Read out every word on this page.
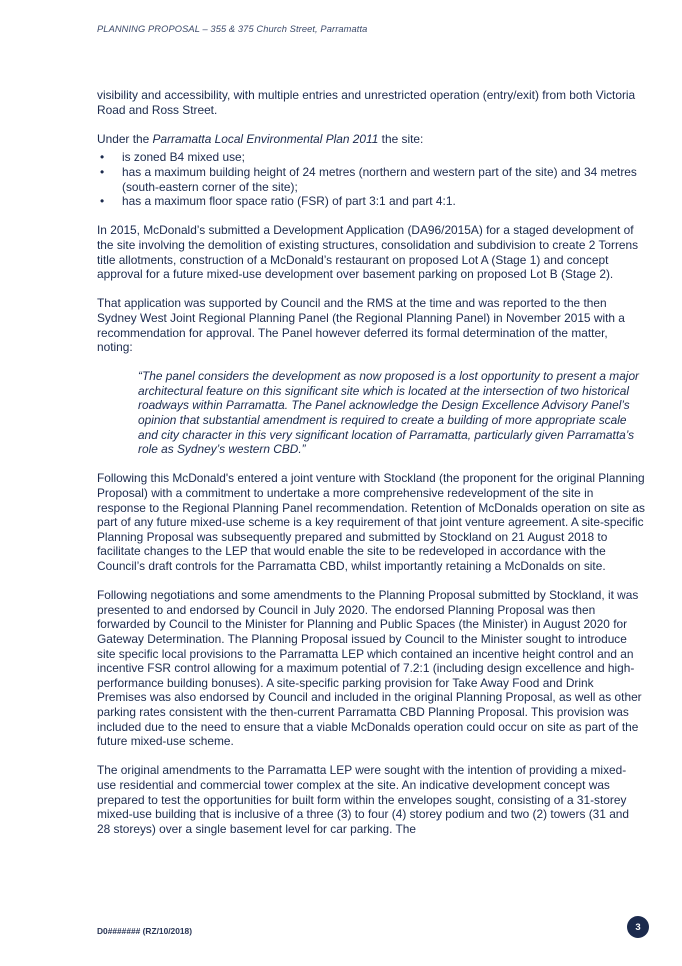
PLANNING PROPOSAL – 355 & 375 Church Street, Parramatta

visibility and accessibility, with multiple entries and unrestricted operation (entry/exit) from both Victoria Road and Ross Street.

Under the Parramatta Local Environmental Plan 2011 the site:

• is zoned B4 mixed use;
• has a maximum building height of 24 metres (northern and western part of the site) and 34 metres (south-eastern corner of the site);
• has a maximum floor space ratio (FSR) of part 3:1 and part 4:1.

In 2015, McDonald’s submitted a Development Application (DA96/2015A) for a staged development of the site involving the demolition of existing structures, consolidation and subdivision to create 2 Torrens title allotments, construction of a McDonald’s restaurant on proposed Lot A (Stage 1) and concept approval for a future mixed-use development over basement parking on proposed Lot B (Stage 2).

That application was supported by Council and the RMS at the time and was reported to the then Sydney West Joint Regional Planning Panel (the Regional Planning Panel) in November 2015 with a recommendation for approval. The Panel however deferred its formal determination of the matter, noting:

“The panel considers the development as now proposed is a lost opportunity to present a major architectural feature on this significant site which is located at the intersection of two historical roadways within Parramatta. The Panel acknowledge the Design Excellence Advisory Panel’s opinion that substantial amendment is required to create a building of more appropriate scale and city character in this very significant location of Parramatta, particularly given Parramatta’s role as Sydney’s western CBD.”

Following this McDonald's entered a joint venture with Stockland (the proponent for the original Planning Proposal) with a commitment to undertake a more comprehensive redevelopment of the site in response to the Regional Planning Panel recommendation. Retention of McDonalds operation on site as part of any future mixed-use scheme is a key requirement of that joint venture agreement. A site-specific Planning Proposal was subsequently prepared and submitted by Stockland on 21 August 2018 to facilitate changes to the LEP that would enable the site to be redeveloped in accordance with the Council’s draft controls for the Parramatta CBD, whilst importantly retaining a McDonalds on site.

Following negotiations and some amendments to the Planning Proposal submitted by Stockland, it was presented to and endorsed by Council in July 2020. The endorsed Planning Proposal was then forwarded by Council to the Minister for Planning and Public Spaces (the Minister) in August 2020 for Gateway Determination. The Planning Proposal issued by Council to the Minister sought to introduce site specific local provisions to the Parramatta LEP which contained an incentive height control and an incentive FSR control allowing for a maximum potential of 7.2:1 (including design excellence and high-performance building bonuses). A site-specific parking provision for Take Away Food and Drink Premises was also endorsed by Council and included in the original Planning Proposal, as well as other parking rates consistent with the then-current Parramatta CBD Planning Proposal. This provision was included due to the need to ensure that a viable McDonalds operation could occur on site as part of the future mixed-use scheme.

The original amendments to the Parramatta LEP were sought with the intention of providing a mixed-use residential and commercial tower complex at the site. An indicative development concept was prepared to test the opportunities for built form within the envelopes sought, consisting of a 31-storey mixed-use building that is inclusive of a three (3) to four (4) storey podium and two (2) towers (31 and 28 storeys) over a single basement level for car parking. The

D0####### (RZ/10/2018)	3
